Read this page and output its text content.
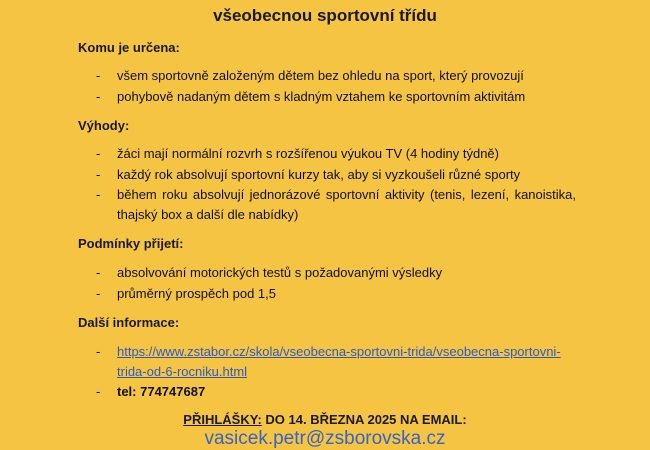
všeobecnou sportovní třídu
Komu je určena:
- všem sportovně založeným dětem bez ohledu na sport, který provozují
- pohybově nadaným dětem s kladným vztahem ke sportovním aktivitám
Výhody:
- žáci mají normální rozvrh s rozšířenou výukou TV (4 hodiny týdně)
- každý rok absolvují sportovní kurzy tak, aby si vyzkoušeli různé sporty
- během roku absolvují jednorázové sportovní aktivity (tenis, lezení, kanoistika, thajský box a další dle nabídky)
Podmínky přijetí:
- absolvování motorických testů s požadovanými výsledky
- průměrný prospěch pod 1,5
Další informace:
- https://www.zstabor.cz/skola/vseobecna-sportovni-trida/vseobecna-sportovni-trida-od-6-rocniku.html
- tel: 774747687
PŘIHLÁŠKY: DO 14. BŘEZNA 2025 NA EMAIL:
vasicek.petr@zsborovska.cz
